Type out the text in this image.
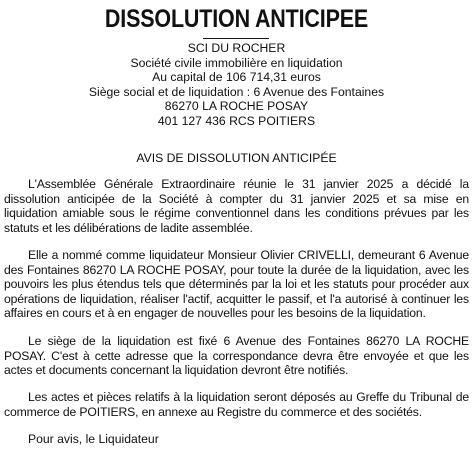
DISSOLUTION ANTICIPEE
SCI DU ROCHER
Société civile immobilière en liquidation
Au capital de 106 714,31 euros
Siège social et de liquidation : 6 Avenue des Fontaines
86270 LA ROCHE POSAY
401 127 436 RCS POITIERS
AVIS DE DISSOLUTION ANTICIPÉE

L'Assemblée Générale Extraordinaire réunie le 31 janvier 2025 a décidé la dissolution anticipée de la Société à compter du 31 janvier 2025 et sa mise en liquidation amiable sous le régime conventionnel dans les conditions prévues par les statuts et les délibérations de ladite assemblée.

Elle a nommé comme liquidateur Monsieur Olivier CRIVELLI, demeurant 6 Avenue des Fontaines 86270 LA ROCHE POSAY, pour toute la durée de la liquidation, avec les pouvoirs les plus étendus tels que déterminés par la loi et les statuts pour procéder aux opérations de liquidation, réaliser l'actif, acquitter le passif, et l'a autorisé à continuer les affaires en cours et à en engager de nouvelles pour les besoins de la liquidation.

Le siège de la liquidation est fixé 6 Avenue des Fontaines 86270 LA ROCHE POSAY. C'est à cette adresse que la correspondance devra être envoyée et que les actes et documents concernant la liquidation devront être notifiés.

Les actes et pièces relatifs à la liquidation seront déposés au Greffe du Tribunal de commerce de POITIERS, en annexe au Registre du commerce et des sociétés.

Pour avis, le Liquidateur
